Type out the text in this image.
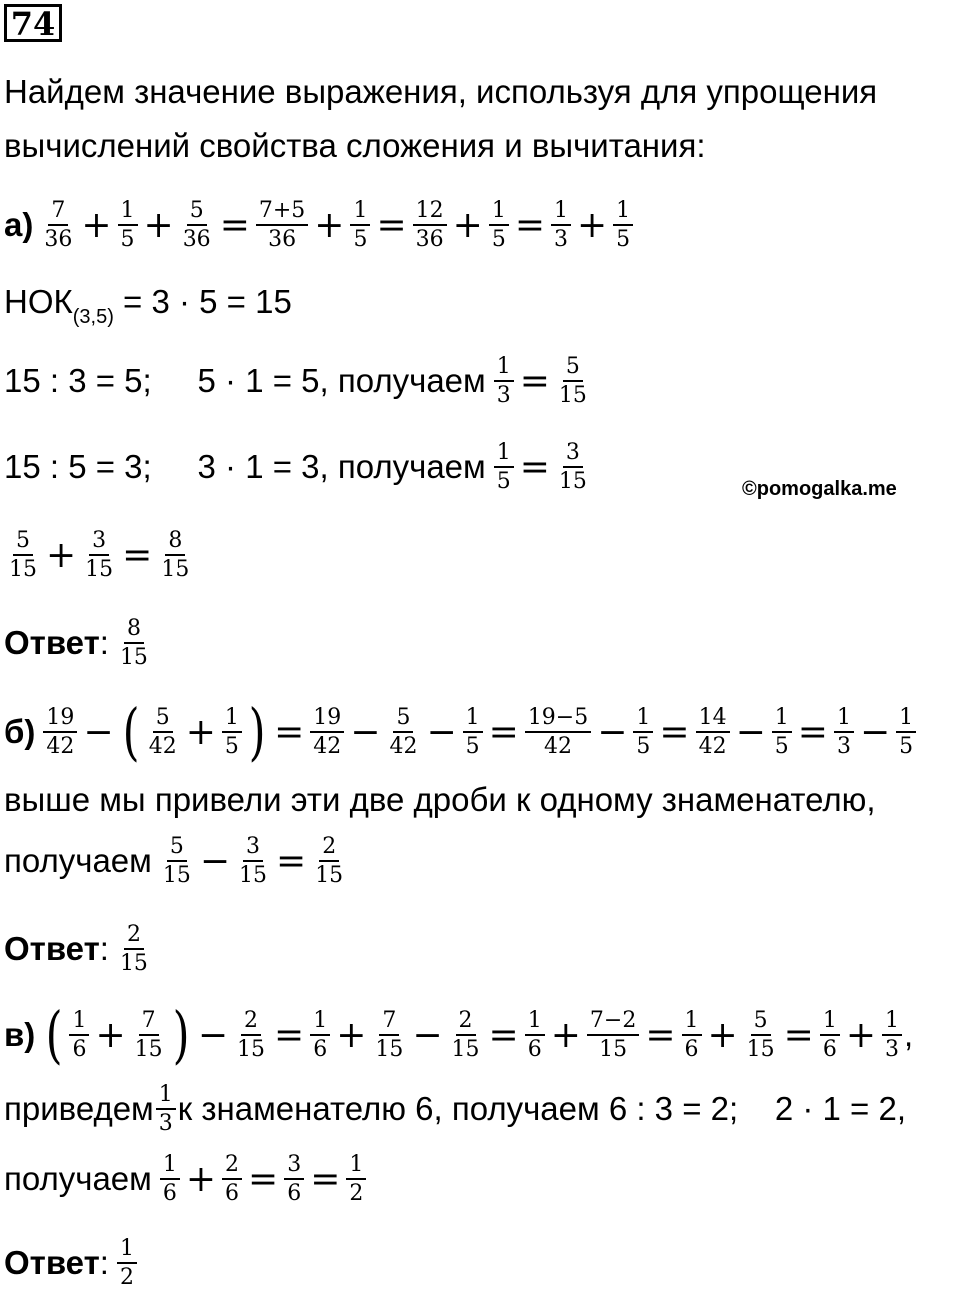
74
Найдем значение выражения, используя для упрощения
вычислений свойства сложения и вычитания:
$а) \frac{7}{36} + \frac{1}{5} + \frac{5}{36} = \frac{7+5}{36} + \frac{1}{5} = \frac{12}{36} + \frac{1}{5} = \frac{1}{3} + \frac{1}{5}$
$НОК_{(3,5)} = 3 \cdot 5 = 15$
15 : 3 = 5;     5 · 1 = 5, получаем $\frac{1}{3} = \frac{5}{15}$
15 : 5 = 3;     3 · 1 = 3, получаем $\frac{1}{5} = \frac{3}{15}$	©pomogalka.me
$\frac{5}{15} + \frac{3}{15} = \frac{8}{15}$
Ответ : $\frac{8}{15}$
$б) \frac{19}{42}$ − ( $\frac{5}{42} + \frac{1}{5}$ ) = $\frac{19}{42} - \frac{5}{42} - \frac{1}{5} = \frac{19-5}{42} - \frac{1}{5} = \frac{14}{42} - \frac{1}{5} = \frac{1}{3} - \frac{1}{5}$
выше мы привели эти две дроби к одному знаменателю,
получаем $\frac{5}{15} - \frac{3}{15} = \frac{2}{15}$
Ответ : $\frac{2}{15}$
в) ( $\frac{1}{6} + \frac{7}{15}$ ) − $\frac{2}{15} = \frac{1}{6} + \frac{7}{15} - \frac{2}{15} = \frac{1}{6} + \frac{7-2}{15} = \frac{1}{6} + \frac{5}{15} = \frac{1}{6} + \frac{1}{3}$ ,
приведем $\frac{1}{3}$ к знаменателю 6, получаем 6 : 3 = 2;    2 · 1 = 2,
получаем $\frac{1}{6} + \frac{2}{6} = \frac{3}{6} = \frac{1}{2}$
Ответ : $\frac{1}{2}$
